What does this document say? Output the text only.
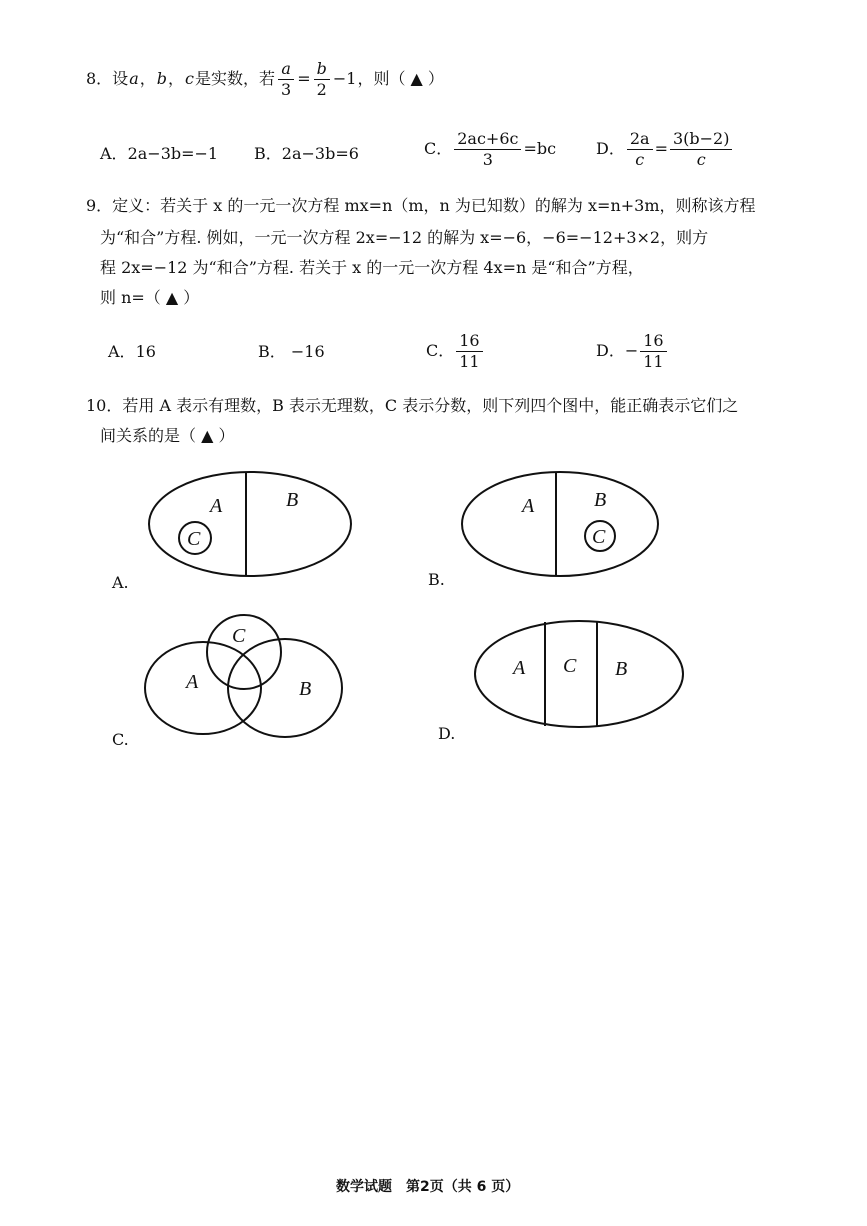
8．设 a ， b ， c 是实数，若 $\frac{a}{3} = \frac{b}{2} -1$ ，则（ ▲ ）
A．2a−3b=−1 B．2a−3b=6	C． $\frac{2ac+6c}{3} =bc$ D． $\frac{2a}{c} = \frac{3(b-2)}{c}$
9．定义：若关于 x 的一元一次方程 mx=n（m，n 为已知数）的解为 x=n+3m，则称该方程
为“和合”方程. 例如，一元一次方程 2x=−12 的解为 x=−6，−6=−12+3×2，则方
程 2x=−12 为“和合”方程. 若关于 x 的一元一次方程 4x=n 是“和合”方程，
则 n=（ ▲ ）
A．16	B． −16	C． $\frac{16}{11}$	D． − $\frac{16}{11}$
10．若用 A 表示有理数，B 表示无理数，C 表示分数，则下列四个图中，能正确表示它们之
间关系的是（ ▲ ）
A	B
C
A	B
C
C
A	B
A C B
A.	B.
C.	D.
数学试题　第2页（共 6 页）
